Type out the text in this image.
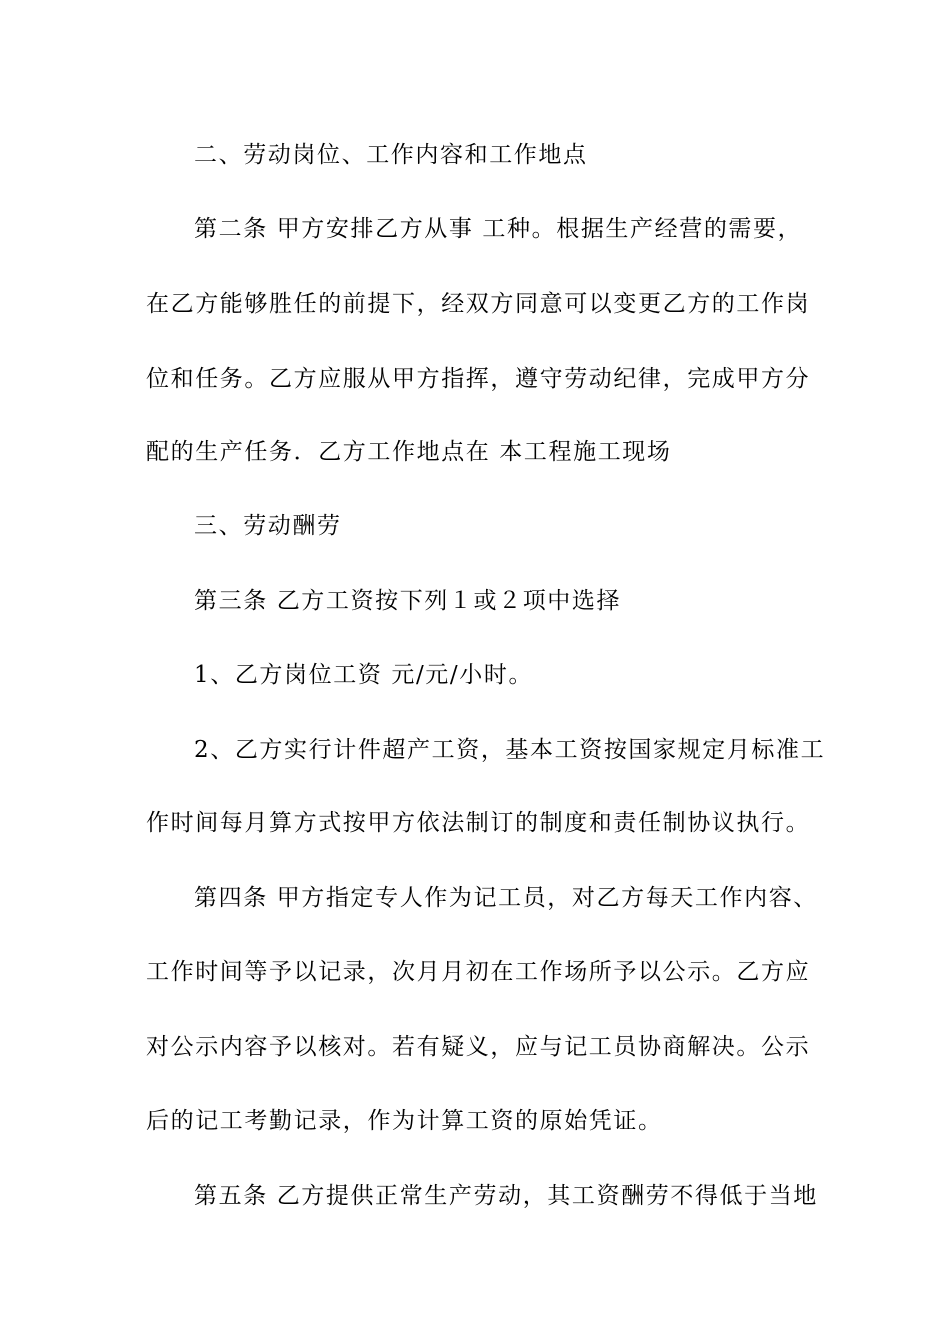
二、劳动岗位、工作内容和工作地点
第二条 甲方安排乙方从事 工种。根据生产经营的需要，
在乙方能够胜任的前提下，经双方同意可以变更乙方的工作岗
位和任务。乙方应服从甲方指挥，遵守劳动纪律，完成甲方分
配的生产任务．乙方工作地点在 本工程施工现场
三、劳动酬劳
第三条 乙方工资按下列１或２项中选择
1、乙方岗位工资 元/元/小时。
2、乙方实行计件超产工资，基本工资按国家规定月标准工
作时间每月算方式按甲方依法制订的制度和责任制协议执行。
第四条 甲方指定专人作为记工员，对乙方每天工作内容、
工作时间等予以记录，次月月初在工作场所予以公示。乙方应
对公示内容予以核对。若有疑义，应与记工员协商解决。公示
后的记工考勤记录，作为计算工资的原始凭证。
第五条 乙方提供正常生产劳动，其工资酬劳不得低于当地
